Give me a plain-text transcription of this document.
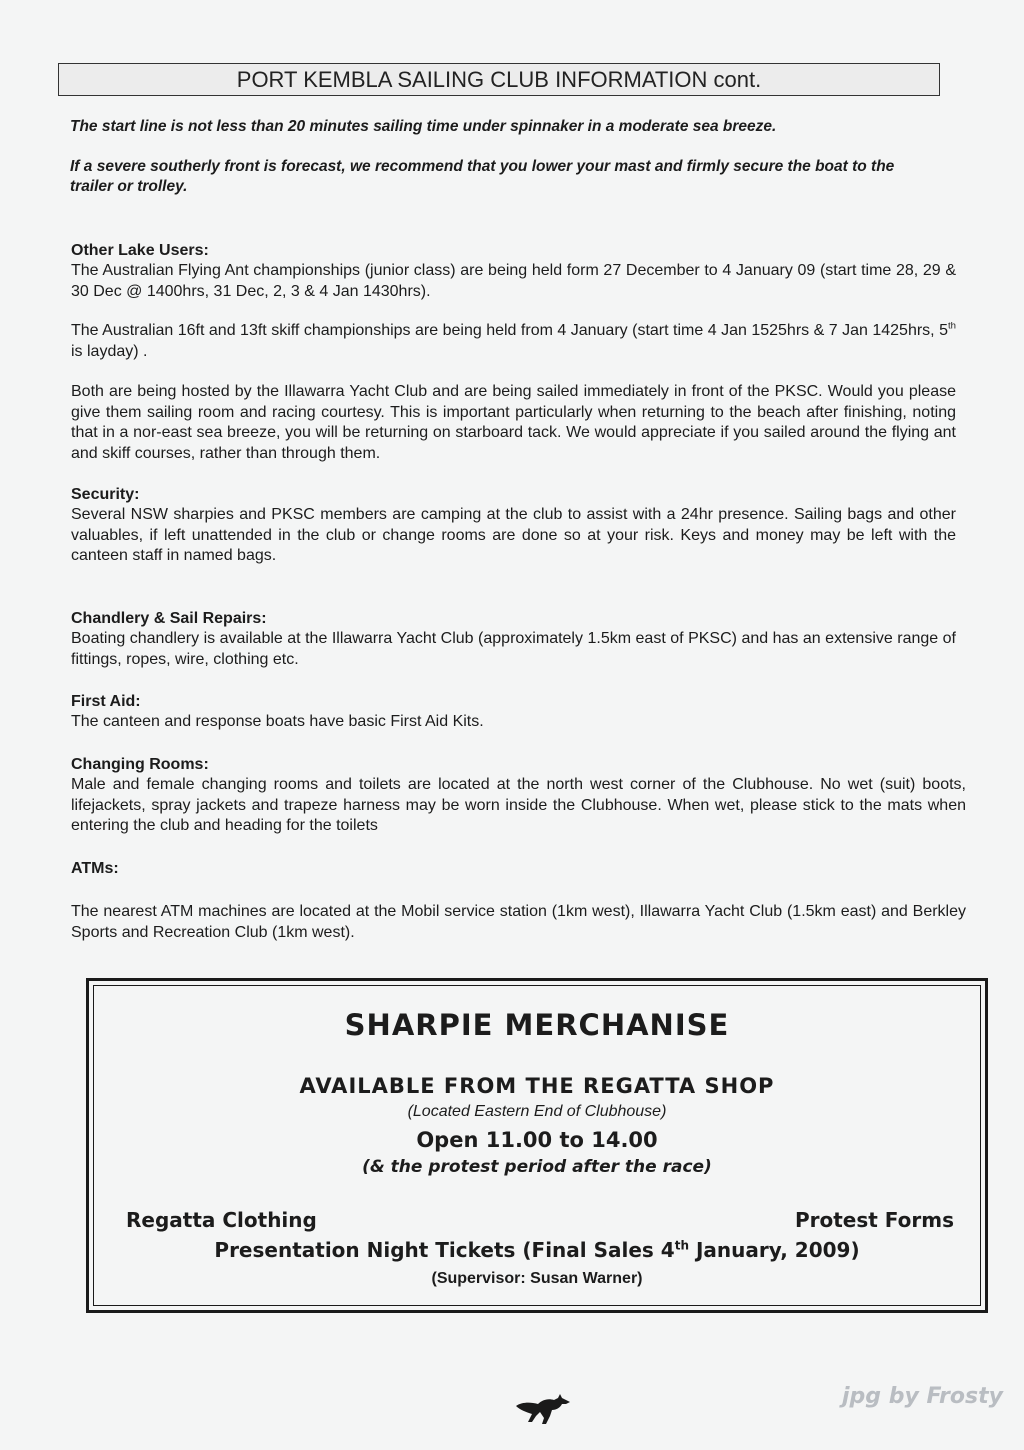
PORT KEMBLA SAILING CLUB INFORMATION cont.
The start line is not less than 20 minutes sailing time under spinnaker in a moderate sea breeze.
If a severe southerly front is forecast, we recommend that you lower your mast and firmly secure the boat to the trailer or trolley.
Other Lake Users:
The Australian Flying Ant championships (junior class) are being held form 27 December to 4 January 09 (start time 28, 29 & 30 Dec @ 1400hrs, 31 Dec, 2, 3 & 4 Jan 1430hrs).
The Australian 16ft and 13ft skiff championships are being held from 4 January (start time 4 Jan 1525hrs & 7 Jan 1425hrs, 5th is layday) .
Both are being hosted by the Illawarra Yacht Club and are being sailed immediately in front of the PKSC. Would you please give them sailing room and racing courtesy. This is important particularly when returning to the beach after finishing, noting that in a nor-east sea breeze, you will be returning on starboard tack. We would appreciate if you sailed around the flying ant and skiff courses, rather than through them.
Security:
Several NSW sharpies and PKSC members are camping at the club to assist with a 24hr presence. Sailing bags and other valuables, if left unattended in the club or change rooms are done so at your risk. Keys and money may be left with the canteen staff in named bags.
Chandlery & Sail Repairs:
Boating chandlery is available at the Illawarra Yacht Club (approximately 1.5km east of PKSC) and has an extensive range of fittings, ropes, wire, clothing etc.
First Aid:
The canteen and response boats have basic First Aid Kits.
Changing Rooms:
Male and female changing rooms and toilets are located at the north west corner of the Clubhouse. No wet (suit) boots, lifejackets, spray jackets and trapeze harness may be worn inside the Clubhouse. When wet, please stick to the mats when entering the club and heading for the toilets
ATMs:
The nearest ATM machines are located at the Mobil service station (1km west), Illawarra Yacht Club (1.5km east) and Berkley Sports and Recreation Club (1km west).
SHARPIE MERCHANISE
AVAILABLE FROM THE REGATTA SHOP
(Located Eastern End of Clubhouse)
Open 11.00 to 14.00
(& the protest period after the race)
Regatta Clothing	Protest Forms
Presentation Night Tickets (Final Sales 4th January, 2009)
(Supervisor: Susan Warner)
jpg by Frosty
